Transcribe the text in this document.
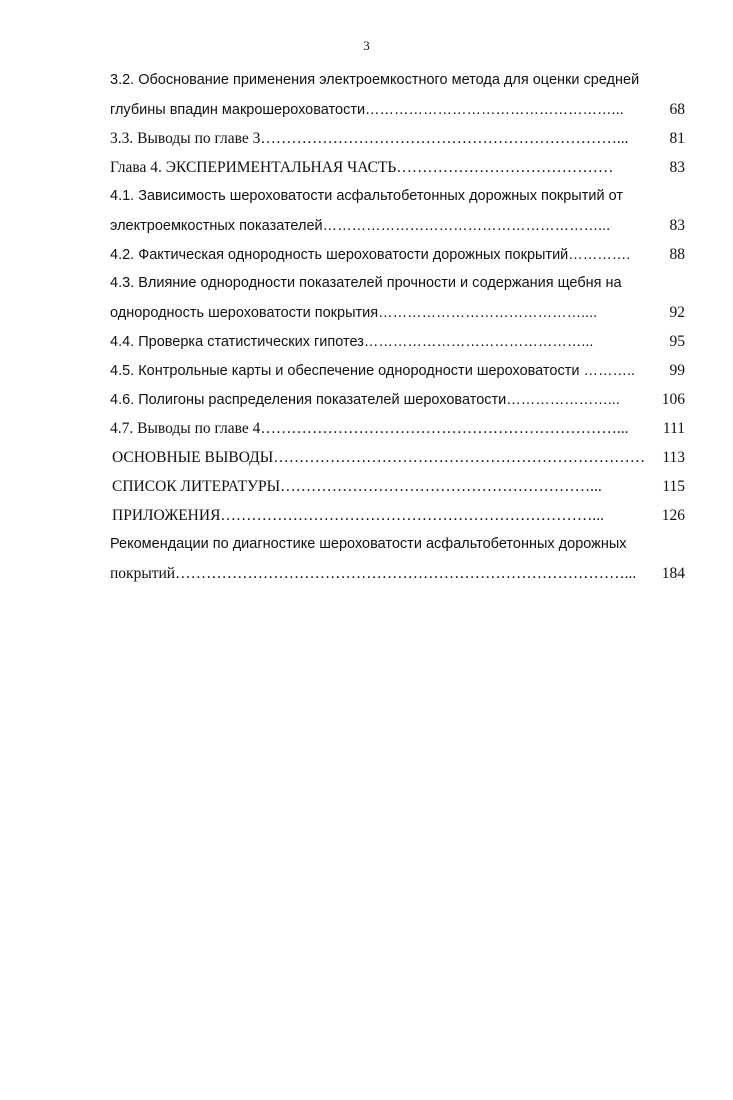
3
3.2. Обоснование применения электроемкостного метода для оценки средней
глубины впадин макрошероховатости……………………………………………...	68
3.3. Выводы по главе 3……………………………………………………………...	81
Глава 4. ЭКСПЕРИМЕНТАЛЬНАЯ ЧАСТЬ……………………………………	83
4.1. Зависимость шероховатости асфальтобетонных дорожных покрытий от
электроемкостных показателей…………………………………………………...	83
4.2. Фактическая однородность шероховатости дорожных покрытий………….	88
4.3. Влияние однородности показателей прочности и содержания щебня на
однородность шероховатости покрытия……………………………………....	92
4.4. Проверка статистических гипотез………………………………………...	95
4.5. Контрольные карты и обеспечение однородности шероховатости ………..	99
4.6. Полигоны распределения показателей шероховатости…………………...	106
4.7. Выводы по главе 4……………………………………………………………...	111
ОСНОВНЫЕ ВЫВОДЫ………………………………………………………………	113
СПИСОК ЛИТЕРАТУРЫ……………………………………………………...	115
ПРИЛОЖЕНИЯ………………………………………………………………...	126
Рекомендации по диагностике шероховатости асфальтобетонных дорожных
покрытий……………………………………………………………………………...	184
